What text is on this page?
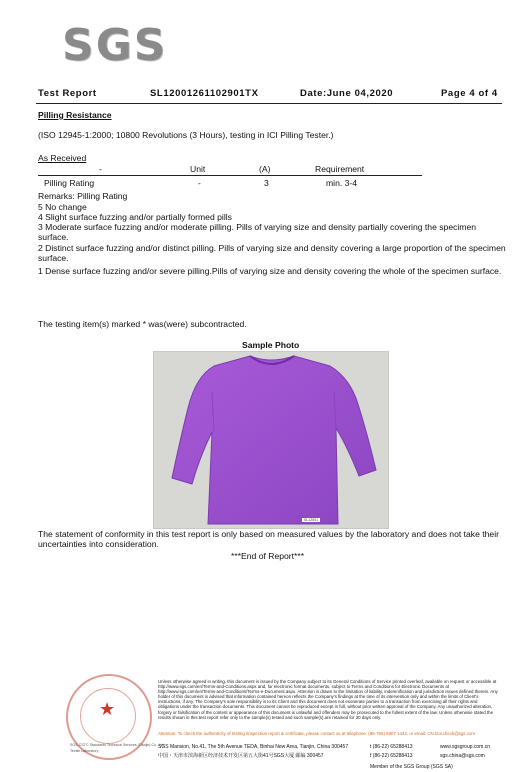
SGS
Test Report	SL12001261102901TX	Date:June 04,2020	Page 4 of 4
Pilling Resistance
(ISO 12945-1:2000; 10800 Revolutions (3 Hours), testing in ICI Pilling Tester.)
As Received
-	Unit	(A)	Requirement
Pilling Rating	-	3	min. 3-4
Remarks: Pilling Rating
5 No change
4 Slight surface fuzzing and/or partially formed pills
3 Moderate surface fuzzing and/or moderate pilling. Pills of varying size and density partially covering the specimen surface.
2 Distinct surface fuzzing and/or distinct pilling. Pills of varying size and density covering a large proportion of the specimen surface.
1 Dense surface fuzzing and/or severe pilling.Pills of varying size and density covering the whole of the specimen surface.
The testing item(s) marked * was(were) subcontracted.
Sample Photo
SL12001
The statement of conformity in this test report is only based on measured values by the laboratory and does not take their uncertainties into consideration.
***End of Report***
★
SGS-CSTC Standards Technical Services (Tianjin) Co., Ltd.
Textile Laboratory
Unless otherwise agreed in writing, this document is issued by the Company subject to its General Conditions of Service printed overleaf, available on request or accessible at http://www.sgs.com/en/Terms-and-Conditions.aspx and, for electronic format documents, subject to Terms and Conditions for Electronic Documents at http://www.sgs.com/en/Terms-and-Conditions/Terms-e-Document.aspx. Attention is drawn to the limitation of liability, indemnification and jurisdiction issues defined therein. Any holder of this document is advised that information contained hereon reflects the Company's findings at the time of its intervention only and within the limits of Client's instructions, if any. The Company's sole responsibility is to its Client and this document does not exonerate parties to a transaction from exercising all their rights and obligations under the transaction documents. This document cannot be reproduced except in full, without prior written approval of the Company. Any unauthorized alteration, forgery or falsification of the content or appearance of this document is unlawful and offenders may be prosecuted to the fullest extent of the law. Unless otherwise stated the results shown in this test report refer only to the sample(s) tested and such sample(s) are retained for 30 days only.
Attention: To check the authenticity of testing /inspection report & certificate, please contact us at telephone: (86-755) 8307 1443, or email: CN.Doccheck@sgs.com
SGS Mansion, No.41, The 5th Avenue TEDA, Binhai New Area, Tianjin, China 300457
中国・天津市滨海新区经济技术开发区第五大街41号SGS大厦 邮编 300457
t (86-22) 65288413
f (86-22) 65288413
www.sgsgroup.com.cn
sgs.china@sgs.com
Member of the SGS Group (SGS SA)
